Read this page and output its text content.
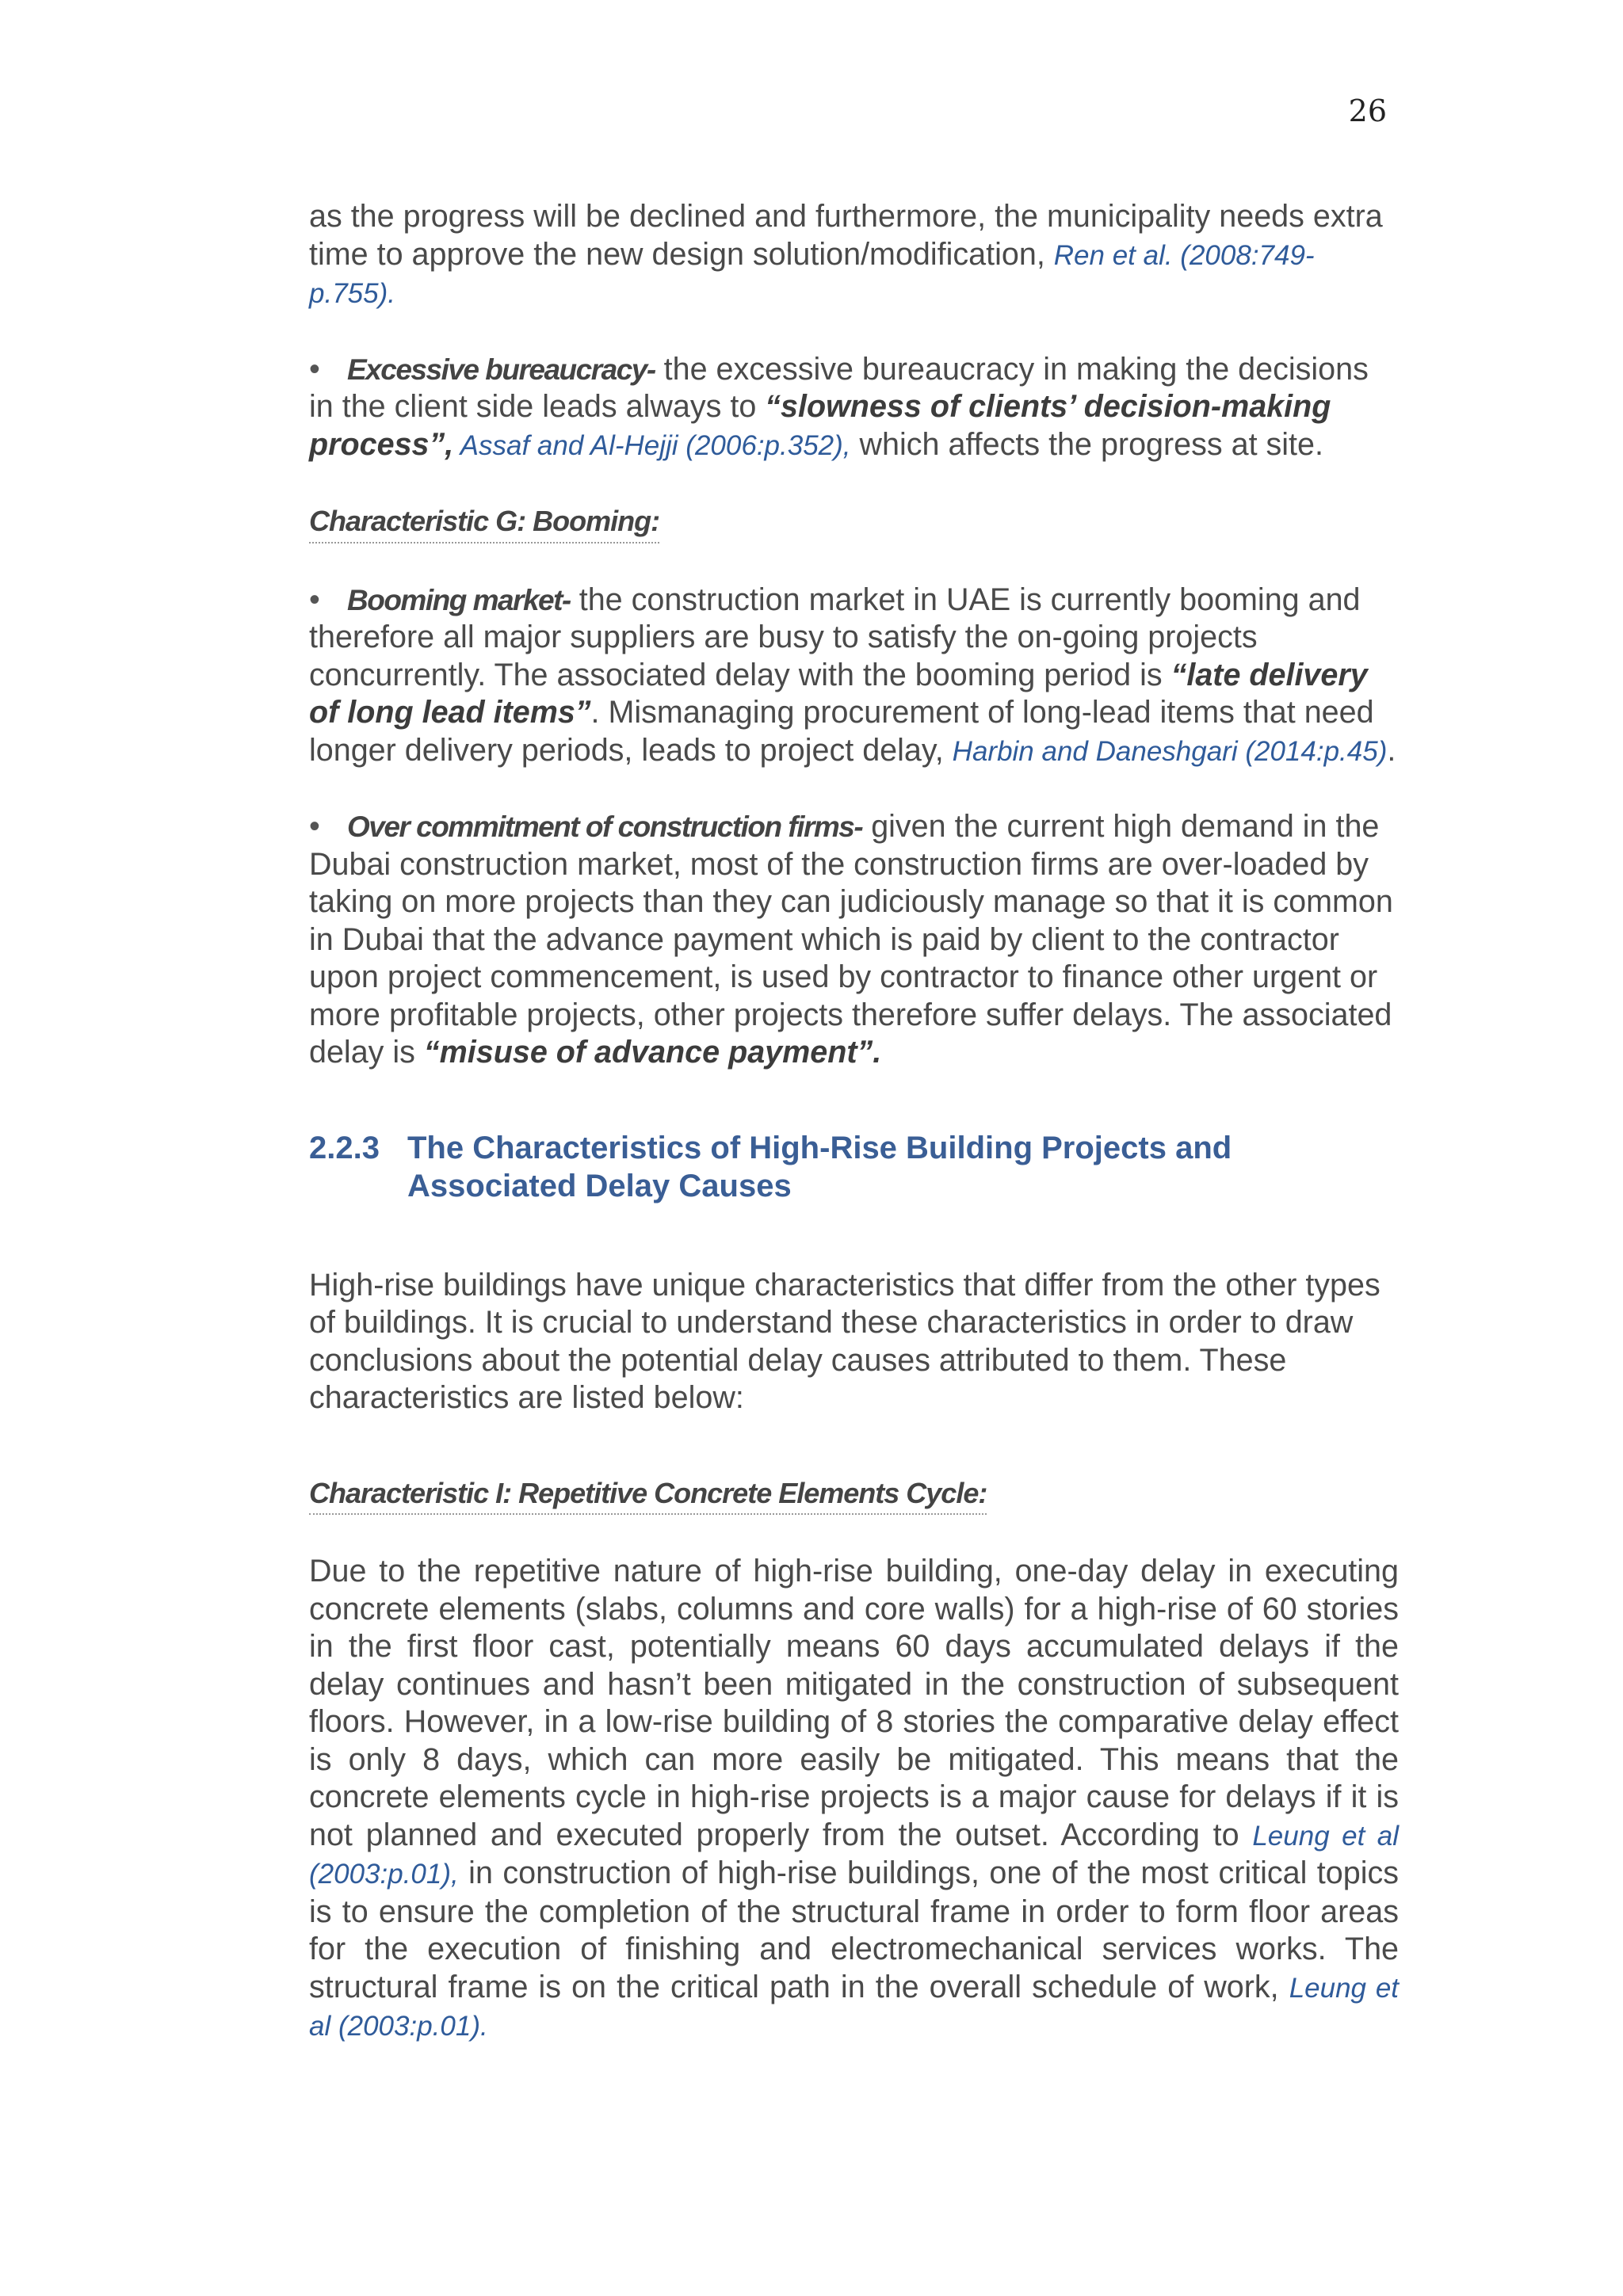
26

as the progress will be declined and furthermore, the municipality needs extra time to approve the new design solution/modification, Ren et al. (2008:749-p.755).

• Excessive bureaucracy- the excessive bureaucracy in making the decisions in the client side leads always to “slowness of clients’ decision-making process”, Assaf and Al-Hejji (2006:p.352), which affects the progress at site.

Characteristic G: Booming:

• Booming market- the construction market in UAE is currently booming and therefore all major suppliers are busy to satisfy the on-going projects concurrently. The associated delay with the booming period is “late delivery of long lead items”. Mismanaging procurement of long-lead items that need longer delivery periods, leads to project delay, Harbin and Daneshgari (2014:p.45).

• Over commitment of construction firms- given the current high demand in the Dubai construction market, most of the construction firms are over-loaded by taking on more projects than they can judiciously manage so that it is common in Dubai that the advance payment which is paid by client to the contractor upon project commencement, is used by contractor to finance other urgent or more profitable projects, other projects therefore suffer delays. The associated delay is “misuse of advance payment”.

2.2.3 The Characteristics of High-Rise Building Projects and
Associated Delay Causes

High-rise buildings have unique characteristics that differ from the other types of buildings. It is crucial to understand these characteristics in order to draw conclusions about the potential delay causes attributed to them. These characteristics are listed below:

Characteristic I: Repetitive Concrete Elements Cycle:

Due to the repetitive nature of high-rise building, one-day delay in executing concrete elements (slabs, columns and core walls) for a high-rise of 60 stories in the first floor cast, potentially means 60 days accumulated delays if the delay continues and hasn’t been mitigated in the construction of subsequent floors. However, in a low-rise building of 8 stories the comparative delay effect is only 8 days, which can more easily be mitigated. This means that the concrete elements cycle in high-rise projects is a major cause for delays if it is not planned and executed properly from the outset. According to Leung et al (2003:p.01), in construction of high-rise buildings, one of the most critical topics is to ensure the completion of the structural frame in order to form floor areas for the execution of finishing and electromechanical services works. The structural frame is on the critical path in the overall schedule of work, Leung et al (2003:p.01).
